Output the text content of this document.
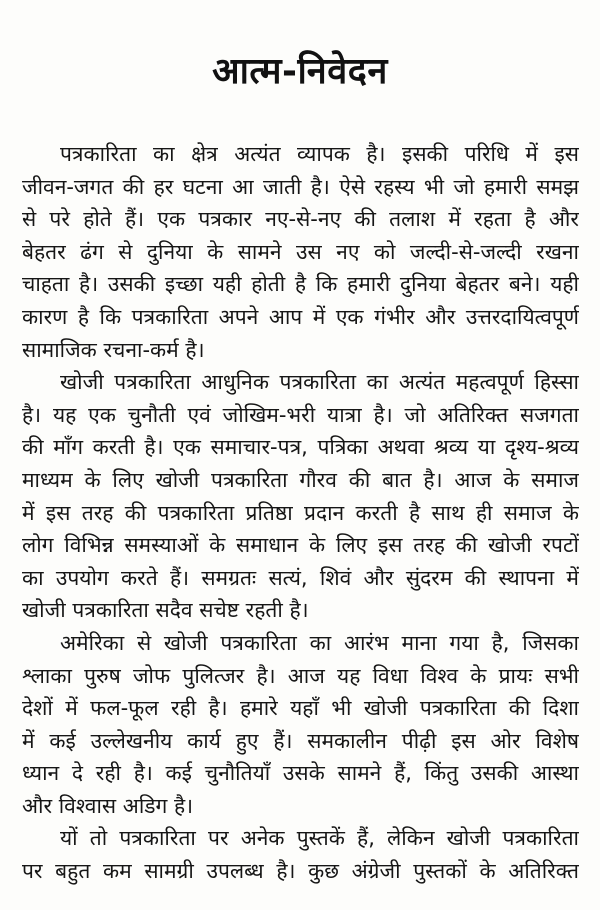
आत्म-निवेदन
पत्रकारिता का क्षेत्र अत्यंत व्यापक है। इसकी परिधि में इस
जीवन-जगत की हर घटना आ जाती है। ऐसे रहस्य भी जो हमारी समझ
से परे होते हैं। एक पत्रकार नए-से-नए की तलाश में रहता है और
बेहतर ढंग से दुनिया के सामने उस नए को जल्दी-से-जल्दी रखना
चाहता है। उसकी इच्छा यही होती है कि हमारी दुनिया बेहतर बने। यही
कारण है कि पत्रकारिता अपने आप में एक गंभीर और उत्तरदायित्वपूर्ण
सामाजिक रचना-कर्म है।
खोजी पत्रकारिता आधुनिक पत्रकारिता का अत्यंत महत्वपूर्ण हिस्सा
है। यह एक चुनौती एवं जोखिम-भरी यात्रा है। जो अतिरिक्त सजगता
की माँग करती है। एक समाचार-पत्र, पत्रिका अथवा श्रव्य या दृश्य-श्रव्य
माध्यम के लिए खोजी पत्रकारिता गौरव की बात है। आज के समाज
में इस तरह की पत्रकारिता प्रतिष्ठा प्रदान करती है साथ ही समाज के
लोग विभिन्न समस्याओं के समाधान के लिए इस तरह की खोजी रपटों
का उपयोग करते हैं। समग्रतः सत्यं, शिवं और सुंदरम की स्थापना में
खोजी पत्रकारिता सदैव सचेष्ट रहती है।
अमेरिका से खोजी पत्रकारिता का आरंभ माना गया है, जिसका
श्लाका पुरुष जोफ पुलित्जर है। आज यह विधा विश्व के प्रायः सभी
देशों में फल-फूल रही है। हमारे यहाँ भी खोजी पत्रकारिता की दिशा
में कई उल्लेखनीय कार्य हुए हैं। समकालीन पीढ़ी इस ओर विशेष
ध्यान दे रही है। कई चुनौतियाँ उसके सामने हैं, किंतु उसकी आस्था
और विश्वास अडिग है।
यों तो पत्रकारिता पर अनेक पुस्तकें हैं, लेकिन खोजी पत्रकारिता
पर बहुत कम सामग्री उपलब्ध है। कुछ अंग्रेजी पुस्तकों के अतिरिक्त
